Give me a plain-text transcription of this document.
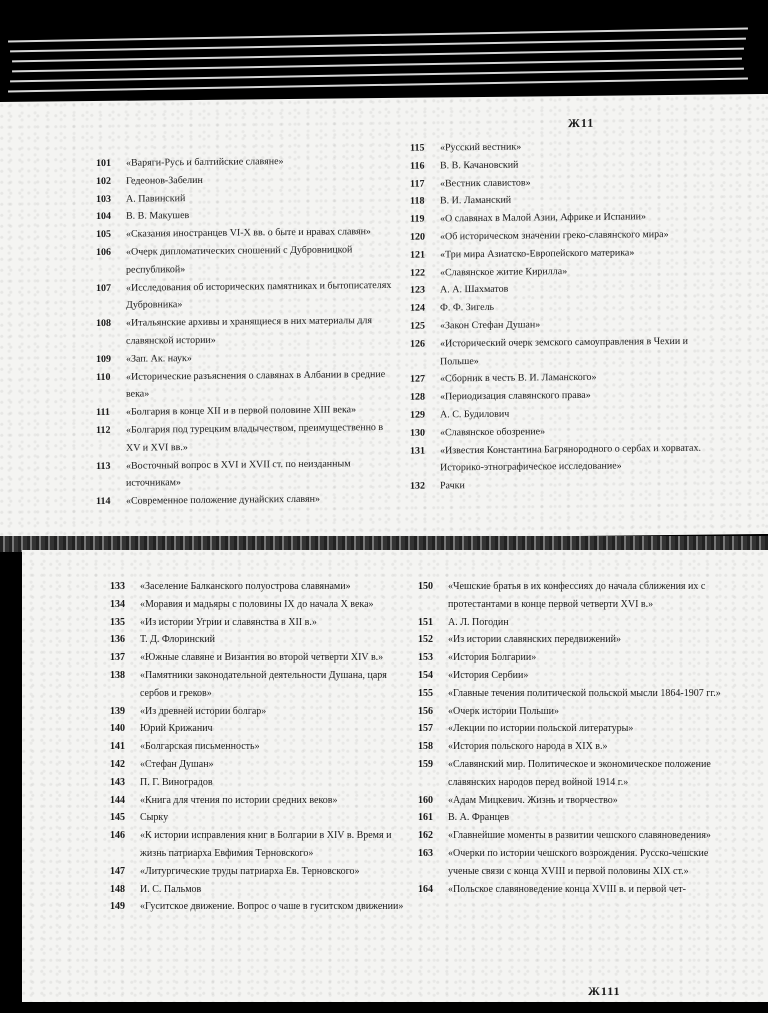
Ж11
101	«Варяги-Русь и балтийские славяне»
102	Гедеонов-Забелин
103	А. Павинский
104	В. В. Макушев
105	«Сказания иностранцев VI-X вв. о быте и нравах славян»
106	«Очерк дипломатических сношений с Дубровницкой республикой»
107	«Исследования об исторических памятниках и бытописателях Дубровника»
108	«Итальянские архивы и хранящиеся в них материалы для славянской истории»
109	«Зап. Ак. наук»
110	«Исторические разъяснения о славянах в Албании в средние века»
111	«Болгария в конце XII и в первой половине XIII века»
112	«Болгария под турецким владычеством, преимущественно в XV и XVI вв.»
113	«Восточный вопрос в XVI и XVII ст. по неизданным источникам»
114	«Современное положение дунайских славян»
115	«Русский вестник»
116	В. В. Качановский
117	«Вестник славистов»
118	В. И. Ламанский
119	«О славянах в Малой Азии, Африке и Испании»
120	«Об историческом значении греко-славянского мира»
121	«Три мира Азиатско-Европейского материка»
122	«Славянское житие Кирилла»
123	А. А. Шахматов
124	Ф. Ф. Зигель
125	«Закон Стефан Душан»
126	«Исторический очерк земского самоуправления в Чехии и Польше»
127	«Сборник в честь В. И. Ламанского»
128	«Периодизация славянского права»
129	А. С. Будилович
130	«Славянское обозрение»
131	«Известия Константина Багрянородного о сербах и хорватах. Историко-этнографическое исследование»
132	Рачки
133	«Заселение Балканского полуострова славянами»
134	«Моравия и мадьяры с половины IX до начала X века»
135	«Из истории Угрии и славянства в XII в.»
136	Т. Д. Флоринский
137	«Южные славяне и Византия во второй четверти XIV в.»
138	«Памятники законодательной деятельности Душана, царя сербов и греков»
139	«Из древней истории болгар»
140	Юрий Крижанич
141	«Болгарская письменность»
142	«Стефан Душан»
143	П. Г. Виноградов
144	«Книга для чтения по истории средних веков»
145	Сырку
146	«К истории исправления книг в Болгарии в XIV в. Время и жизнь патриарха Евфимия Терновского»
147	«Литургические труды патриарха Ев. Терновского»
148	И. С. Пальмов
149	«Гуситское движение. Вопрос о чаше в гуситском движении»
150	«Чешские братья в их конфессиях до начала сближения их с протестантами в конце первой четверти XVI в.»
151	А. Л. Погодин
152	«Из истории славянских передвижений»
153	«История Болгарии»
154	«История Сербии»
155	«Главные течения политической польской мысли 1864-1907 гг.»
156	«Очерк истории Польши»
157	«Лекции по истории польской литературы»
158	«История польского народа в XIX в.»
159	«Славянский мир. Политическое и экономическое положение славянских народов перед войной 1914 г.»
160	«Адам Мицкевич. Жизнь и творчество»
161	В. А. Францев
162	«Главнейшие моменты в развитии чешского славяноведения»
163	«Очерки по истории чешского возрождения. Русско-чешские ученые связи с конца XVIII и первой половины XIX ст.»
164	«Польское славяноведение конца XVIII в. и первой чет-
Ж111
